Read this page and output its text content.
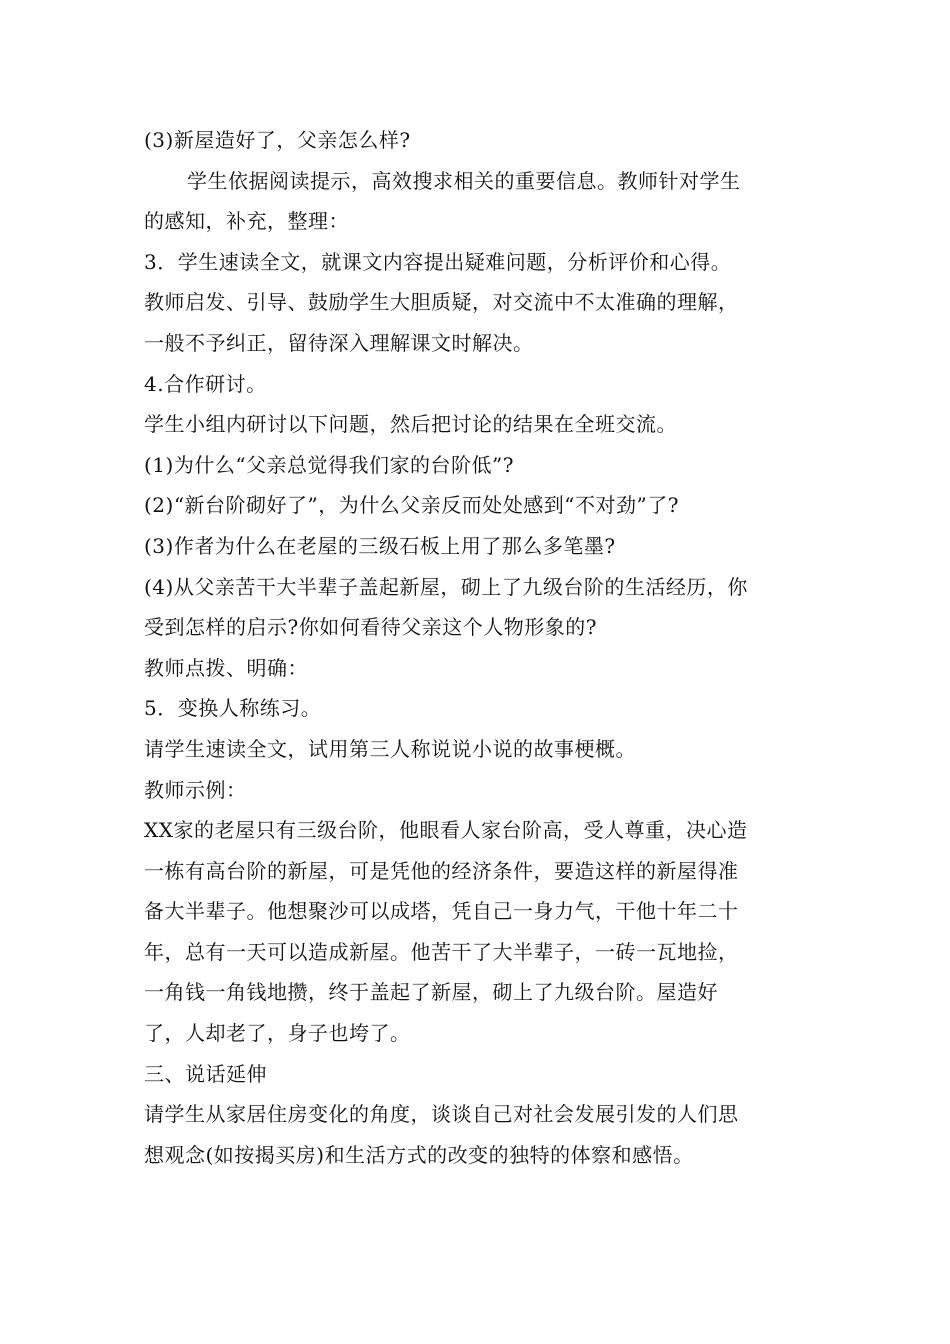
(3)新屋造好了，父亲怎么样?
学生依据阅读提示，高效搜求相关的重要信息。教师针对学生
的感知，补充，整理：
3．学生速读全文，就课文内容提出疑难问题，分析评价和心得。
教师启发、引导、鼓励学生大胆质疑，对交流中不太准确的理解，
一般不予纠正，留待深入理解课文时解决。
4.合作研讨。
学生小组内研讨以下问题，然后把讨论的结果在全班交流。
(1)为什么“父亲总觉得我们家的台阶低”?
(2)“新台阶砌好了”，为什么父亲反而处处感到“不对劲”了?
(3)作者为什么在老屋的三级石板上用了那么多笔墨?
(4)从父亲苦干大半辈子盖起新屋，砌上了九级台阶的生活经历，你
受到怎样的启示?你如何看待父亲这个人物形象的?
教师点拨、明确：
5．变换人称练习。
请学生速读全文，试用第三人称说说小说的故事梗概。
教师示例：
XX家的老屋只有三级台阶，他眼看人家台阶高，受人尊重，决心造
一栋有高台阶的新屋，可是凭他的经济条件，要造这样的新屋得准
备大半辈子。他想聚沙可以成塔，凭自己一身力气，干他十年二十
年，总有一天可以造成新屋。他苦干了大半辈子，一砖一瓦地捡，
一角钱一角钱地攒，终于盖起了新屋，砌上了九级台阶。屋造好
了，人却老了，身子也垮了。
三、说话延伸
请学生从家居住房变化的角度，谈谈自己对社会发展引发的人们思
想观念(如按揭买房)和生活方式的改变的独特的体察和感悟。
